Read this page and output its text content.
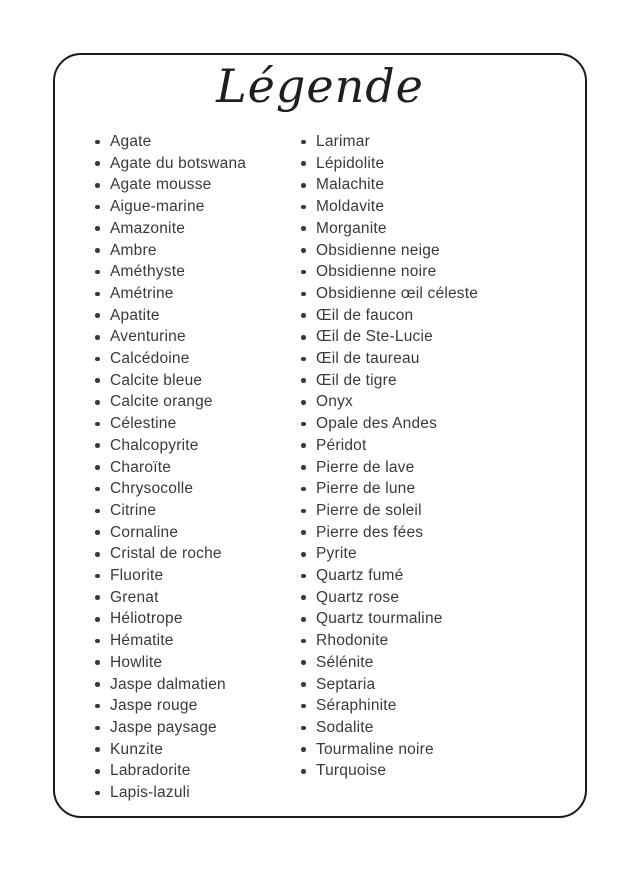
Légende
Agate
Agate du botswana
Agate mousse
Aigue-marine
Amazonite
Ambre
Améthyste
Amétrine
Apatite
Aventurine
Calcédoine
Calcite bleue
Calcite orange
Célestine
Chalcopyrite
Charoïte
Chrysocolle
Citrine
Cornaline
Cristal de roche
Fluorite
Grenat
Héliotrope
Hématite
Howlite
Jaspe dalmatien
Jaspe rouge
Jaspe paysage
Kunzite
Labradorite
Lapis-lazuli
Larimar
Lépidolite
Malachite
Moldavite
Morganite
Obsidienne neige
Obsidienne noire
Obsidienne œil céleste
Œil de faucon
Œil de Ste-Lucie
Œil de taureau
Œil de tigre
Onyx
Opale des Andes
Péridot
Pierre de lave
Pierre de lune
Pierre de soleil
Pierre des fées
Pyrite
Quartz fumé
Quartz rose
Quartz tourmaline
Rhodonite
Sélénite
Septaria
Séraphinite
Sodalite
Tourmaline noire
Turquoise
